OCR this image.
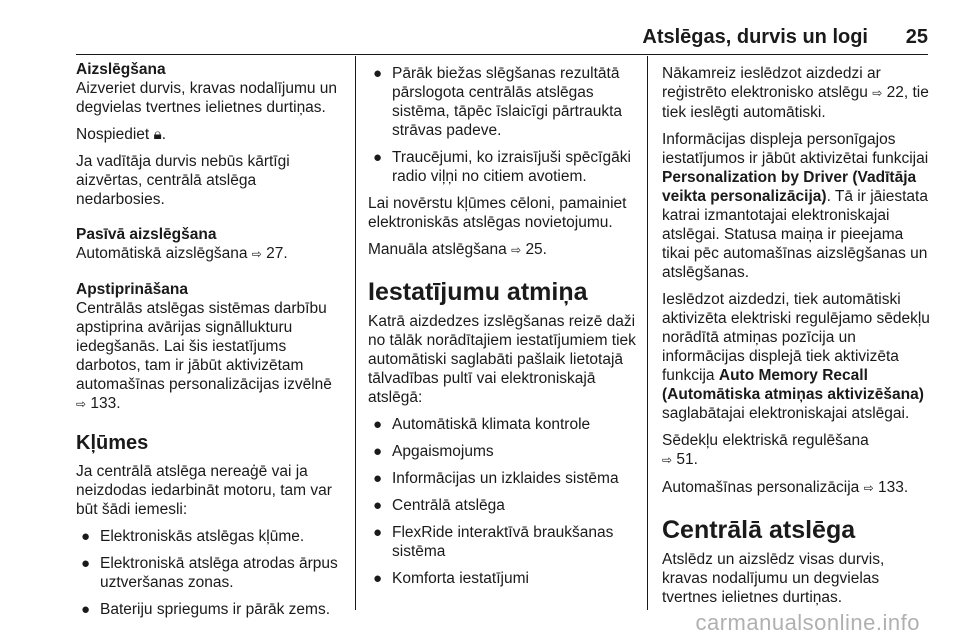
Atslēgas, durvis un logi 25

Aizslēgšana

Aizveriet durvis, kravas nodalījumu un degvielas tvertnes ielietnes durtiņas.

Nospiediet 🔒︎.

Ja vadītāja durvis nebūs kārtīgi aizvērtas, centrālā atslēga nedarbosies.

Pasīvā aizslēgšana

Automātiskā aizslēgšana ⇨ 27.

Apstiprināšana

Centrālās atslēgas sistēmas darbību apstiprina avārijas signāllukturu iedegšanās. Lai šis iestatījums darbotos, tam ir jābūt aktivizētam automašīnas personalizācijas izvēlnē
⇨ 133.

Kļūmes

Ja centrālā atslēga nereaģē vai ja neizdodas iedarbināt motoru, tam var būt šādi iemesli:

● Elektroniskās atslēgas kļūme.
● Elektroniskā atslēga atrodas ārpus uztveršanas zonas.
● Bateriju spriegums ir pārāk zems.
● Pārāk biežas slēgšanas rezultātā pārslogota centrālās atslēgas sistēma, tāpēc īslaicīgi pārtraukta strāvas padeve.
● Traucējumi, ko izraisījuši spēcīgāki radio viļņi no citiem avotiem.

Lai novērstu kļūmes cēloni, pamainiet elektroniskās atslēgas novietojumu.

Manuāla atslēgšana ⇨ 25.

Iestatījumu atmiņa

Katrā aizdedzes izslēgšanas reizē daži no tālāk norādītajiem iestatījumiem tiek automātiski saglabāti pašlaik lietotajā tālvadības pultī vai elektroniskajā atslēgā:

● Automātiskā klimata kontrole
● Apgaismojums
● Informācijas un izklaides sistēma
● Centrālā atslēga
● FlexRide interaktīvā braukšanas sistēma
● Komforta iestatījumi

Nākamreiz ieslēdzot aizdedzi ar reģistrēto elektronisko atslēgu ⇨ 22, tie tiek ieslēgti automātiski.

Informācijas displeja personīgajos iestatījumos ir jābūt aktivizētai funkcijai Personalization by Driver (Vadītāja veikta personalizācija). Tā ir jāiestata katrai izmantotajai elektroniskajai atslēgai. Statusa maiņa ir pieejama tikai pēc automašīnas aizslēgšanas un atslēgšanas.

Ieslēdzot aizdedzi, tiek automātiski aktivizēta elektriski regulējamo sēdekļu norādītā atmiņas pozīcija un informācijas displejā tiek aktivizēta funkcija Auto Memory Recall (Automātiska atmiņas aktivizēšana) saglabātajai elektroniskajai atslēgai.

Sēdekļu elektriskā regulēšana
⇨ 51.

Automašīnas personalizācija ⇨ 133.

Centrālā atslēga

Atslēdz un aizslēdz visas durvis, kravas nodalījumu un degvielas tvertnes ielietnes durtiņas.

carmanualsonline.info
